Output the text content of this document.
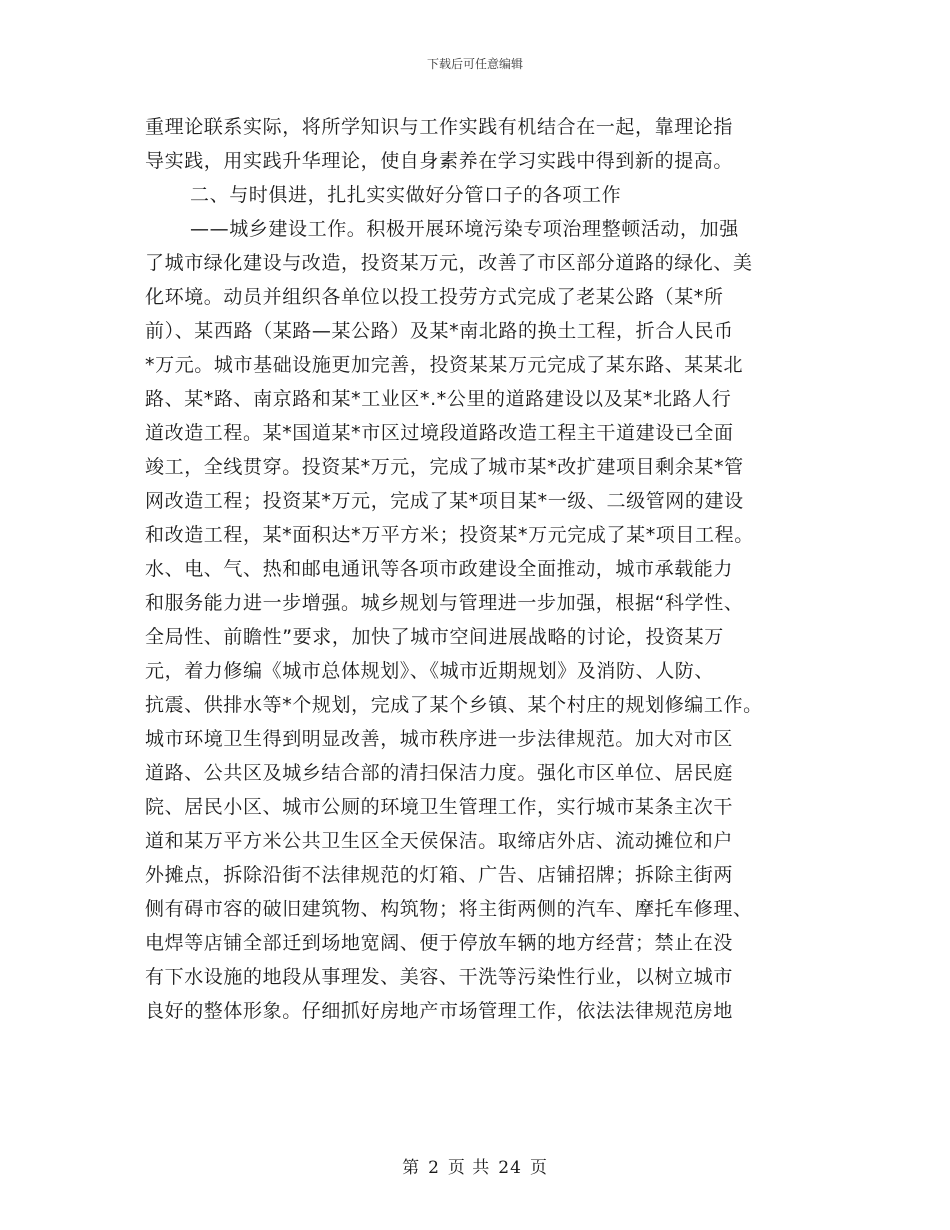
下载后可任意编辑
重理论联系实际，将所学知识与工作实践有机结合在一起，靠理论指
导实践，用实践升华理论，使自身素养在学习实践中得到新的提高。
二、与时俱进，扎扎实实做好分管口子的各项工作
——城乡建设工作。积极开展环境污染专项治理整顿活动，加强
了城市绿化建设与改造，投资某万元，改善了市区部分道路的绿化、美
化环境。动员并组织各单位以投工投劳方式完成了老某公路（某*所
前）、某西路（某路—某公路）及某*南北路的换土工程，折合人民币
*万元。城市基础设施更加完善，投资某某万元完成了某东路、某某北
路、某*路、南京路和某*工业区*.*公里的道路建设以及某*北路人行
道改造工程。某*国道某*市区过境段道路改造工程主干道建设已全面
竣工，全线贯穿。投资某*万元，完成了城市某*改扩建项目剩余某*管
网改造工程；投资某*万元，完成了某*项目某*一级、二级管网的建设
和改造工程，某*面积达*万平方米；投资某*万元完成了某*项目工程。
水、电、气、热和邮电通讯等各项市政建设全面推动，城市承载能力
和服务能力进一步增强。城乡规划与管理进一步加强，根据“科学性、
全局性、前瞻性”要求，加快了城市空间进展战略的讨论，投资某万
元，着力修编《城市总体规划》、《城市近期规划》及消防、人防、
抗震、供排水等*个规划，完成了某个乡镇、某个村庄的规划修编工作。
城市环境卫生得到明显改善，城市秩序进一步法律规范。加大对市区
道路、公共区及城乡结合部的清扫保洁力度。强化市区单位、居民庭
院、居民小区、城市公厕的环境卫生管理工作，实行城市某条主次干
道和某万平方米公共卫生区全天侯保洁。取缔店外店、流动摊位和户
外摊点，拆除沿街不法律规范的灯箱、广告、店铺招牌；拆除主街两
侧有碍市容的破旧建筑物、构筑物；将主街两侧的汽车、摩托车修理、
电焊等店铺全部迁到场地宽阔、便于停放车辆的地方经营；禁止在没
有下水设施的地段从事理发、美容、干洗等污染性行业，以树立城市
良好的整体形象。仔细抓好房地产市场管理工作，依法法律规范房地
第 2 页 共 24 页
